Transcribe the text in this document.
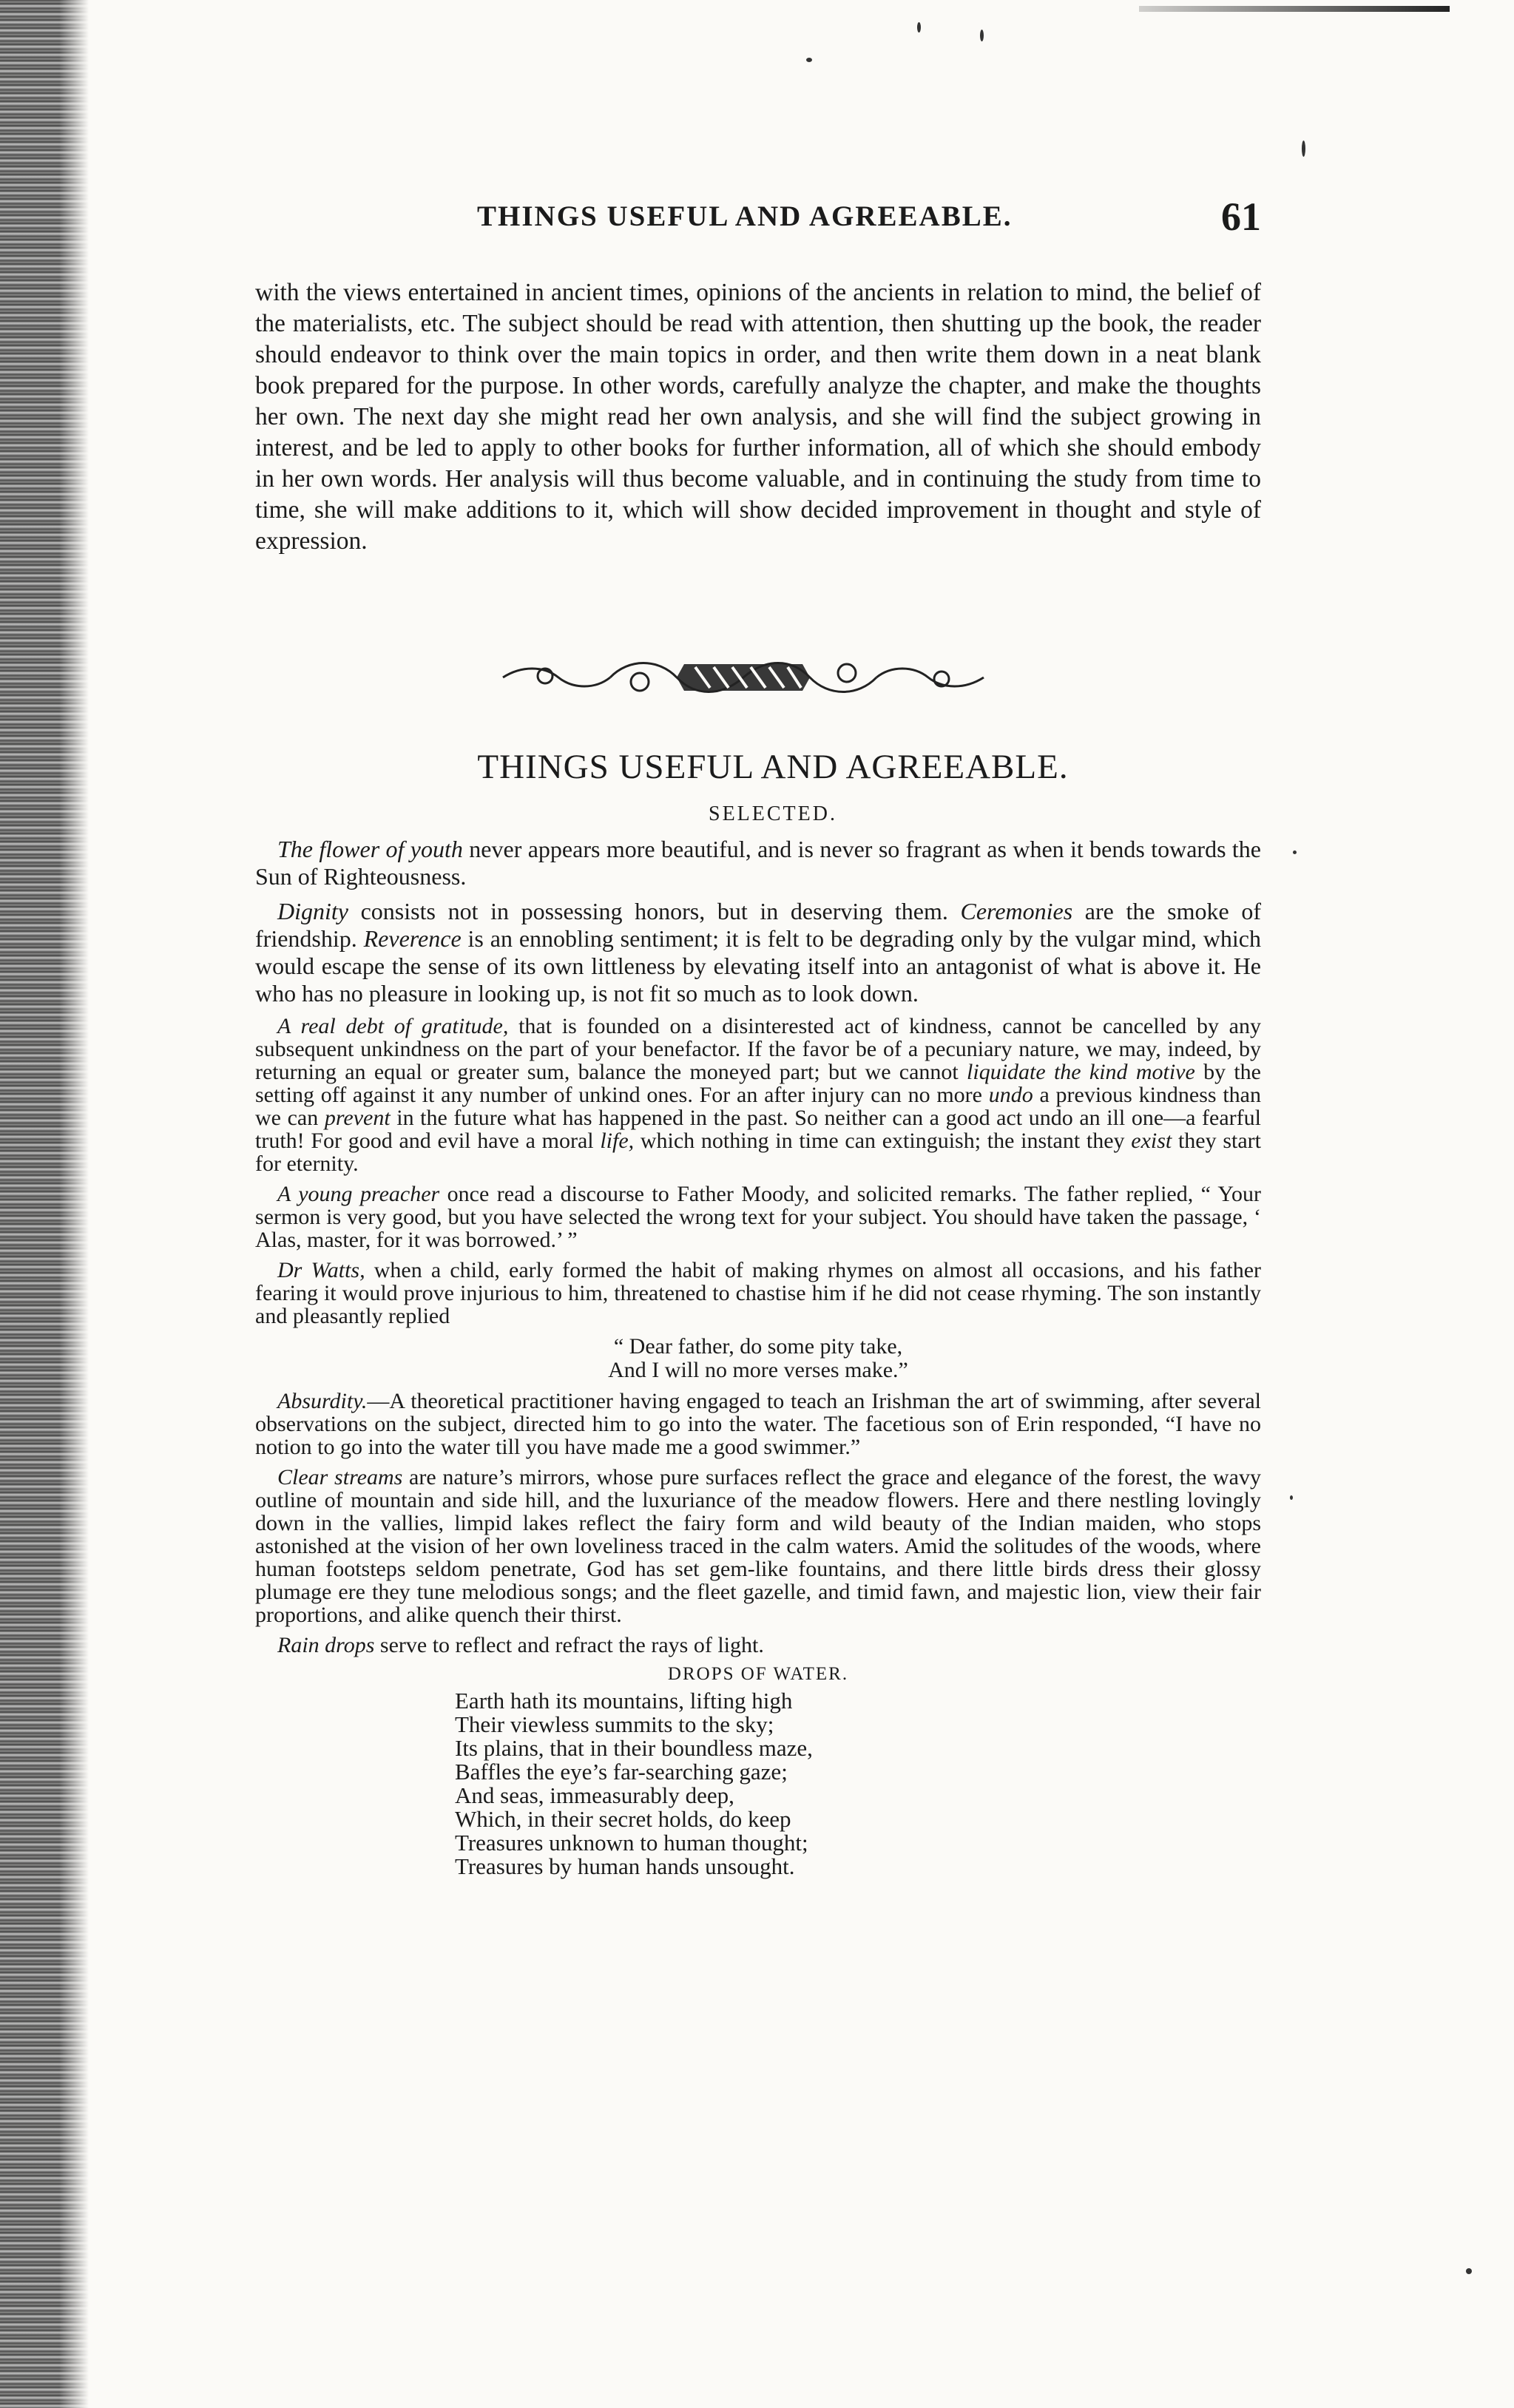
THINGS USEFUL AND AGREEABLE.	61

with the views entertained in ancient times, opinions of the ancients in relation to mind, the belief of the materialists, etc. The subject should be read with attention, then shutting up the book, the reader should endeavor to think over the main topics in order, and then write them down in a neat blank book prepared for the purpose. In other words, carefully analyze the chapter, and make the thoughts her own. The next day she might read her own analysis, and she will find the subject growing in interest, and be led to apply to other books for further information, all of which she should embody in her own words. Her analysis will thus become valuable, and in continuing the study from time to time, she will make additions to it, which will show decided improvement in thought and style of expression.

THINGS USEFUL AND AGREEABLE.
SELECTED.

The flower of youth never appears more beautiful, and is never so fragrant as when it bends towards the Sun of Righteousness.

Dignity consists not in possessing honors, but in deserving them. Ceremonies are the smoke of friendship. Reverence is an ennobling sentiment; it is felt to be degrading only by the vulgar mind, which would escape the sense of its own littleness by elevating itself into an antagonist of what is above it. He who has no pleasure in looking up, is not fit so much as to look down.

A real debt of gratitude, that is founded on a disinterested act of kindness, cannot be cancelled by any subsequent unkindness on the part of your benefactor. If the favor be of a pecuniary nature, we may, indeed, by returning an equal or greater sum, balance the moneyed part; but we cannot liquidate the kind motive by the setting off against it any number of unkind ones. For an after injury can no more undo a previous kindness than we can prevent in the future what has happened in the past. So neither can a good act undo an ill one—a fearful truth! For good and evil have a moral life, which nothing in time can extinguish; the instant they exist they start for eternity.

A young preacher once read a discourse to Father Moody, and solicited remarks. The father replied, “ Your sermon is very good, but you have selected the wrong text for your subject. You should have taken the passage, ‘ Alas, master, for it was borrowed.’ ”

Dr Watts, when a child, early formed the habit of making rhymes on almost all occasions, and his father fearing it would prove injurious to him, threatened to chastise him if he did not cease rhyming. The son instantly and pleasantly replied

“ Dear father, do some pity take,
And I will no more verses make.”

Absurdity.—A theoretical practitioner having engaged to teach an Irishman the art of swimming, after several observations on the subject, directed him to go into the water. The facetious son of Erin responded, “I have no notion to go into the water till you have made me a good swimmer.”

Clear streams are nature’s mirrors, whose pure surfaces reflect the grace and elegance of the forest, the wavy outline of mountain and side hill, and the luxuriance of the meadow flowers. Here and there nestling lovingly down in the vallies, limpid lakes reflect the fairy form and wild beauty of the Indian maiden, who stops astonished at the vision of her own loveliness traced in the calm waters. Amid the solitudes of the woods, where human footsteps seldom penetrate, God has set gem-like fountains, and there little birds dress their glossy plumage ere they tune melodious songs; and the fleet gazelle, and timid fawn, and majestic lion, view their fair proportions, and alike quench their thirst.

Rain drops serve to reflect and refract the rays of light.

DROPS OF WATER.
Earth hath its mountains, lifting high
Their viewless summits to the sky;
Its plains, that in their boundless maze,
Baffles the eye’s far-searching gaze;
And seas, immeasurably deep,
Which, in their secret holds, do keep
Treasures unknown to human thought;
Treasures by human hands unsought.
